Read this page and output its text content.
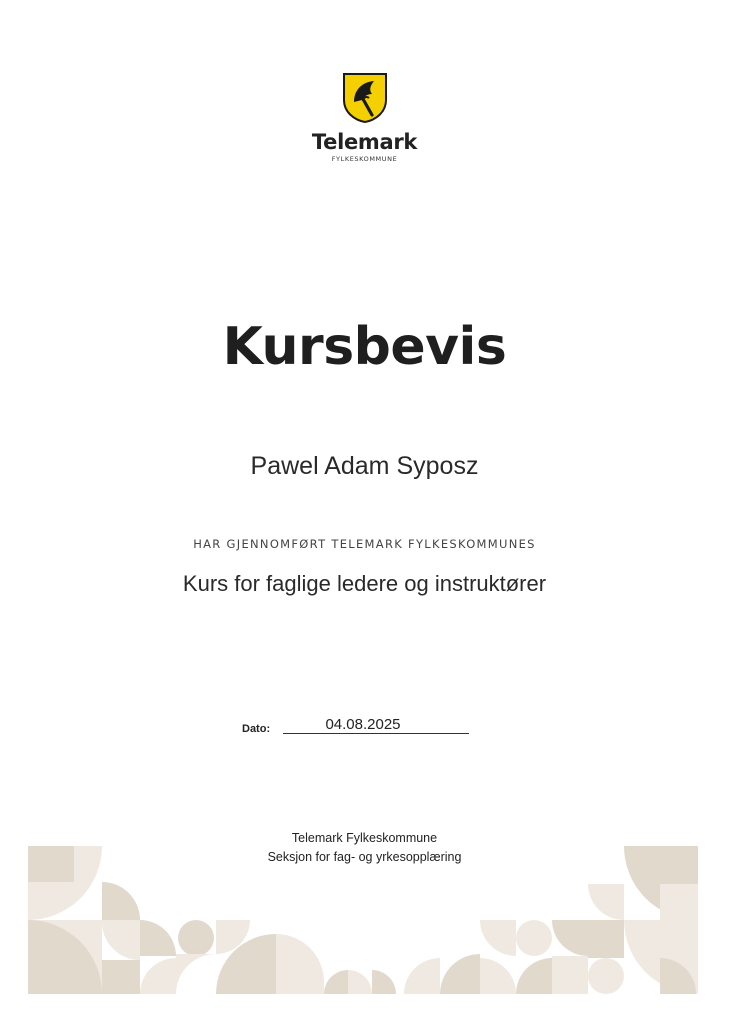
Telemark
FYLKESKOMMUNE
Kursbevis
Pawel Adam Syposz
HAR GJENNOMFØRT TELEMARK FYLKESKOMMUNES
Kurs for faglige ledere og instruktører
Dato:	04.08.2025
Telemark Fylkeskommune
Seksjon for fag- og yrkesopplæring
